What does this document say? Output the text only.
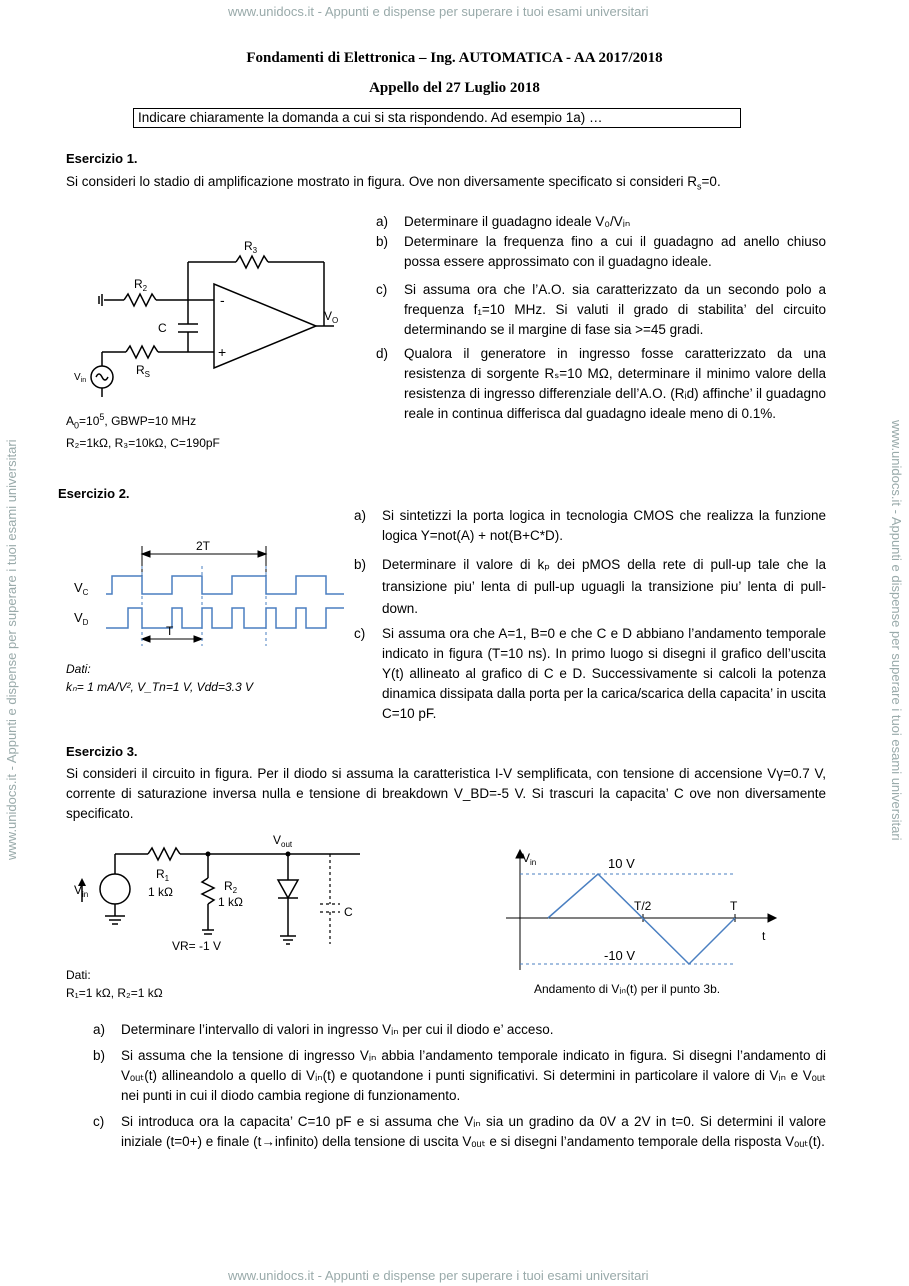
www.unidocs.it - Appunti e dispense per superare i tuoi esami universitari
www.unidocs.it - Appunti e dispense per superare i tuoi esami universitari
www.unidocs.it - Appunti e dispense per superare i tuoi esami universitari	www.unidocs.it - Appunti e dispense per superare i tuoi esami universitari
Fondamenti di Elettronica – Ing. AUTOMATICA - AA 2017/2018
Appello del 27 Luglio 2018
Indicare chiaramente la domanda a cui si sta rispondendo. Ad esempio 1a) …
Esercizio 1.
Si consideri lo stadio di amplificazione mostrato in figura. Ove non diversamente specificato si consideri $R_s=0$.
$R_3$
$R_2$
C
$R_S$
$V_O$
$V_{in}$
-
+
$A_0=10^5$, GBWP=10 MHz
R₂=1kΩ, R₃=10kΩ, C=190pF
a) Determinare il guadagno ideale V₀/Vᵢₙ
b) Determinare la frequenza fino a cui il guadagno ad anello chiuso possa essere approssimato con il guadagno ideale.
c) Si assuma ora che l’A.O. sia caratterizzato da un secondo polo a frequenza f₁=10 MHz. Si valuti il grado di stabilita’ del circuito determinando se il margine di fase sia >=45 gradi.
d) Qualora il generatore in ingresso fosse caratterizzato da una resistenza di sorgente Rₛ=10 MΩ, determinare il minimo valore della resistenza di ingresso differenziale dell’A.O. (Rᵢd) affinche’ il guadagno reale in continua differisca dal guadagno ideale meno di 0.1%.
Esercizio 2.
2T
T
$V_C$
$V_D$
Dati:
kₙ= 1 mA/V², V_Tn=1 V, Vdd=3.3 V
a) Si sintetizzi la porta logica in tecnologia CMOS che realizza la funzione logica Y=not(A) + not(B+C*D).
b) Determinare il valore di kₚ dei pMOS della rete di pull-up tale che la transizione piu’ lenta di pull-up uguagli la transizione piu’ lenta di pull-down.
c) Si assuma ora che A=1, B=0 e che C e D abbiano l’andamento temporale indicato in figura (T=10 ns). In primo luogo si disegni il grafico dell’uscita Y(t) allineato al grafico di C e D. Successivamente si calcoli la potenza dinamica dissipata dalla porta per la carica/scarica della capacita’ in uscita C=10 pF.
Esercizio 3.
Si consideri il circuito in figura. Per il diodo si assuma la caratteristica I-V semplificata, con tensione di accensione Vγ=0.7 V, corrente di saturazione inversa nulla e tensione di breakdown V_BD=-5 V. Si trascuri la capacita’ C ove non diversamente specificato.
$V_{out}$
$V_{in}$
$R_1$
1 kΩ	$R_2$
1 kΩ
VR= -1 V
C
Dati:
R₁=1 kΩ, R₂=1 kΩ
$V_{in}$	10 V
-10 V
T/2	T
t
Andamento di Vᵢₙ(t) per il punto 3b.
a) Determinare l’intervallo di valori in ingresso Vᵢₙ per cui il diodo e’ acceso.
b) Si assuma che la tensione di ingresso Vᵢₙ abbia l’andamento temporale indicato in figura. Si disegni l’andamento di Vₒᵤₜ(t) allineandolo a quello di Vᵢₙ(t) e quotandone i punti significativi. Si determini in particolare il valore di Vᵢₙ e Vₒᵤₜ nei punti in cui il diodo cambia regione di funzionamento.
c) Si introduca ora la capacita’ C=10 pF e si assuma che Vᵢₙ sia un gradino da 0V a 2V in t=0. Si determini il valore iniziale (t=0+) e finale (t→infinito) della tensione di uscita Vₒᵤₜ e si disegni l’andamento temporale della risposta Vₒᵤₜ(t).
